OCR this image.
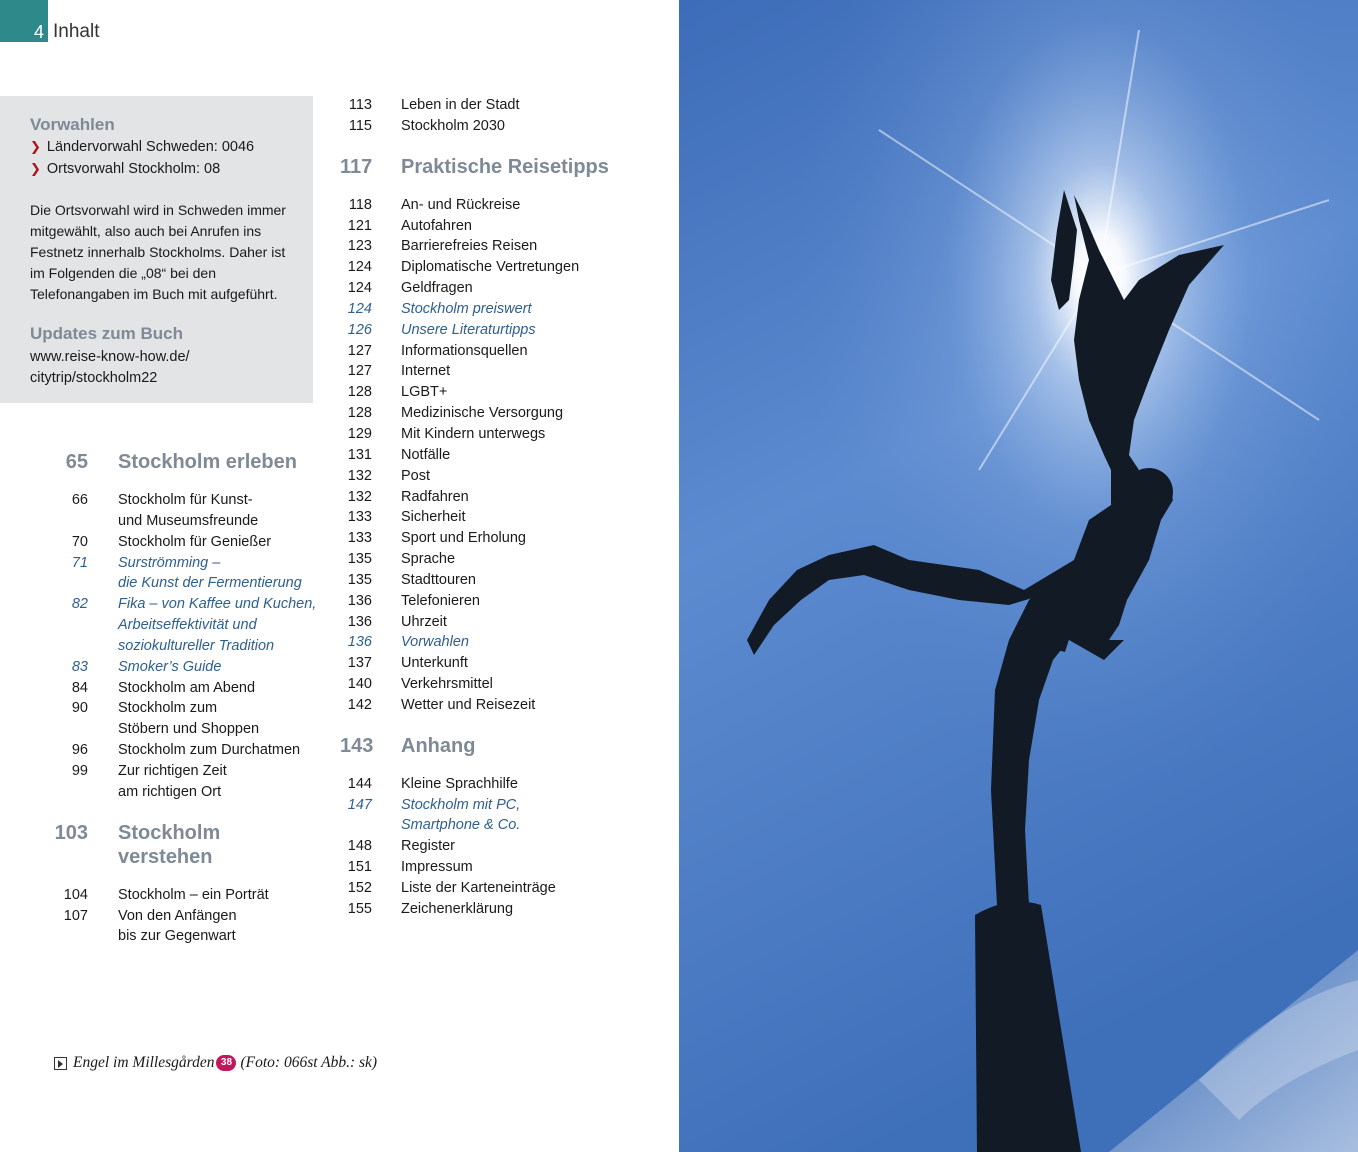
4 Inhalt
Vorwahlen
❯ Ländervorwahl Schweden: 0046
❯ Ortsvorwahl Stockholm: 08

Die Ortsvorwahl wird in Schweden immer mitgewählt, also auch bei Anrufen ins Festnetz innerhalb Stockholms. Daher ist im Folgenden die „08“ bei den Telefonangaben im Buch mit aufgeführt.

Updates zum Buch
www.reise-know-how.de/
citytrip/stockholm22
65 Stockholm erleben
66 Stockholm für Kunst-
und Museumsfreunde
70 Stockholm für Genießer
71 Surströmming –
die Kunst der Fermentierung
82 Fika – von Kaffee und Kuchen,
Arbeitseffektivität und
soziokultureller Tradition
83 Smoker’s Guide
84 Stockholm am Abend
90 Stockholm zum
Stöbern und Shoppen
96 Stockholm zum Durchatmen
99 Zur richtigen Zeit
am richtigen Ort
103 Stockholm verstehen
104 Stockholm – ein Porträt
107 Von den Anfängen
bis zur Gegenwart
113 Leben in der Stadt
115 Stockholm 2030
117 Praktische Reisetipps
118 An- und Rückreise
121 Autofahren
123 Barrierefreies Reisen
124 Diplomatische Vertretungen
124 Geldfragen
124 Stockholm preiswert
126 Unsere Literaturtipps
127 Informationsquellen
127 Internet
128 LGBT+
128 Medizinische Versorgung
129 Mit Kindern unterwegs
131 Notfälle
132 Post
132 Radfahren
133 Sicherheit
133 Sport und Erholung
135 Sprache
135 Stadttouren
136 Telefonieren
136 Uhrzeit
136 Vorwahlen
137 Unterkunft
140 Verkehrsmittel
142 Wetter und Reisezeit
143 Anhang
144 Kleine Sprachhilfe
147 Stockholm mit PC,
Smartphone & Co.
148 Register
151 Impressum
152 Liste der Karteneinträge
155 Zeichenerklärung
Engel im Millesgården 38 (Foto: 066st Abb.: sk)
